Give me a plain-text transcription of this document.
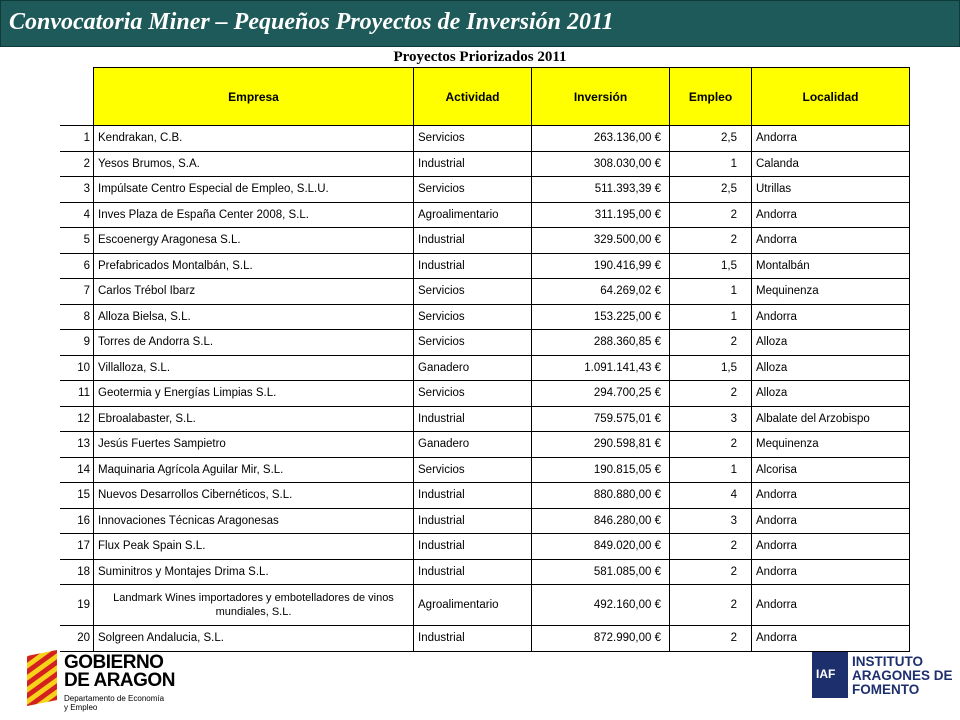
Convocatoria Miner – Pequeños Proyectos de Inversión 2011
Proyectos Priorizados 2011
	Empresa	Actividad	Inversión	Empleo	Localidad
1	Kendrakan, C.B.	Servicios	263.136,00 €	2,5	Andorra
2	Yesos Brumos, S.A.	Industrial	308.030,00 €	1	Calanda
3	Impúlsate Centro Especial de Empleo, S.L.U.	Servicios	511.393,39 €	2,5	Utrillas
4	Inves Plaza de España Center 2008, S.L.	Agroalimentario	311.195,00 €	2	Andorra
5	Escoenergy Aragonesa S.L.	Industrial	329.500,00 €	2	Andorra
6	Prefabricados Montalbán, S.L.	Industrial	190.416,99 €	1,5	Montalbán
7	Carlos Trébol Ibarz	Servicios	64.269,02 €	1	Mequinenza
8	Alloza Bielsa, S.L.	Servicios	153.225,00 €	1	Andorra
9	Torres de Andorra S.L.	Servicios	288.360,85 €	2	Alloza
10	Villalloza, S.L.	Ganadero	1.091.141,43 €	1,5	Alloza
11	Geotermia y Energías Limpias S.L.	Servicios	294.700,25 €	2	Alloza
12	Ebroalabaster, S.L.	Industrial	759.575,01 €	3	Albalate del Arzobispo
13	Jesús Fuertes Sampietro	Ganadero	290.598,81 €	2	Mequinenza
14	Maquinaria Agrícola Aguilar Mir, S.L.	Servicios	190.815,05 €	1	Alcorisa
15	Nuevos Desarrollos Cibernéticos, S.L.	Industrial	880.880,00 €	4	Andorra
16	Innovaciones Técnicas Aragonesas	Industrial	846.280,00 €	3	Andorra
17	Flux Peak Spain S.L.	Industrial	849.020,00 €	2	Andorra
18	Suminitros y Montajes Drima S.L.	Industrial	581.085,00 €	2	Andorra
19	Landmark Wines importadores y embotelladores de vinos mundiales, S.L.	Agroalimentario	492.160,00 €	2	Andorra
20	Solgreen Andalucia, S.L.	Industrial	872.990,00 €	2	Andorra
GOBIERNO
DE ARAGON
Departamento de Economía
y Empleo
IAF
INSTITUTO
ARAGONES DE
FOMENTO
